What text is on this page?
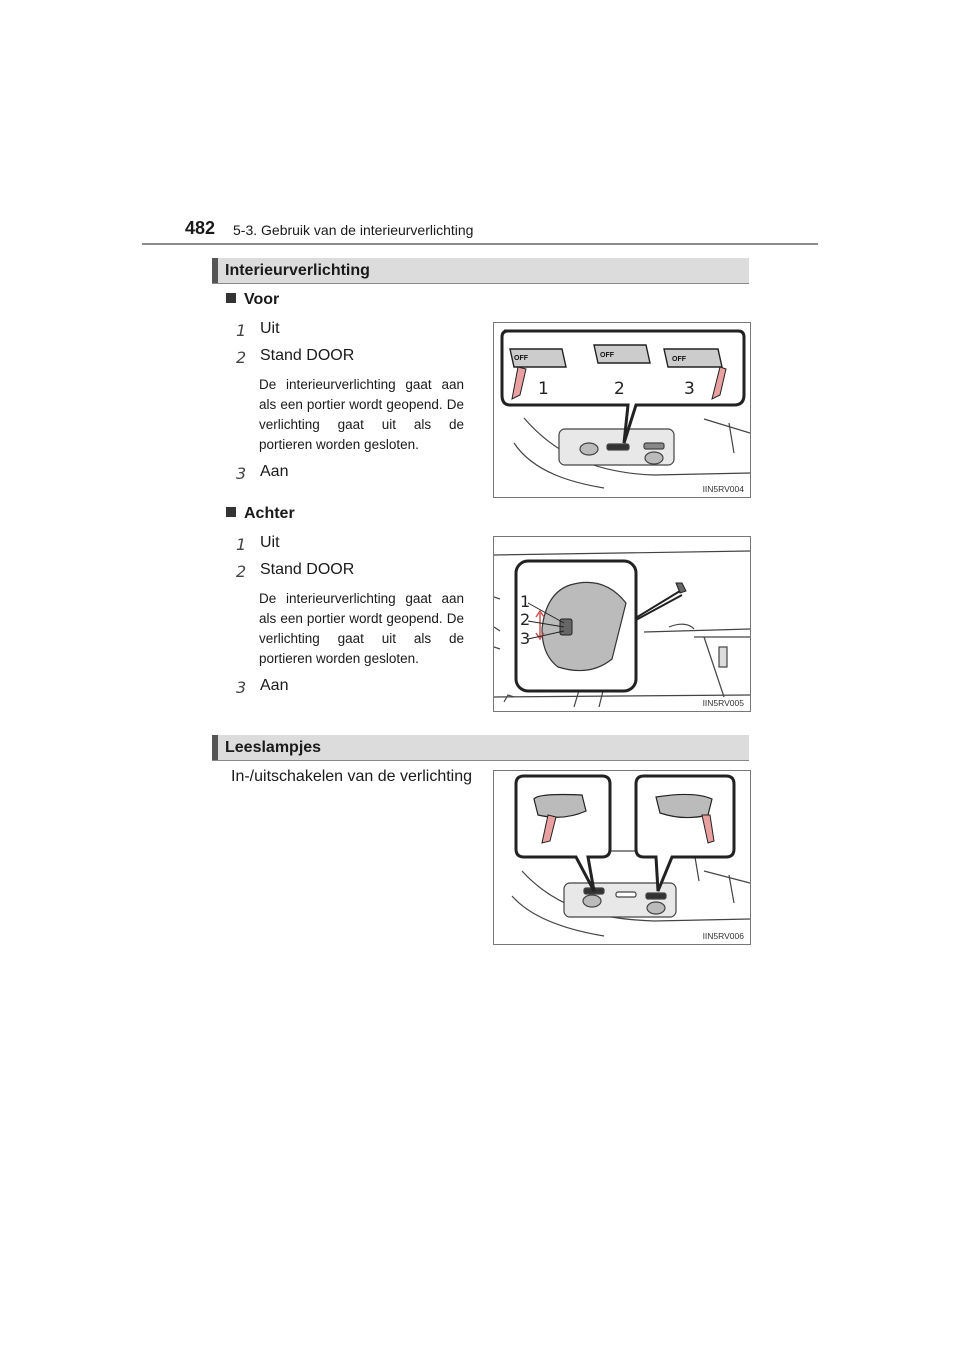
482 5-3. Gebruik van de interieurverlichting
Interieurverlichting
Voor
1 Uit
2 Stand DOOR
De interieurverlichting gaat aan als een portier wordt geopend. De verlichting gaat uit als de portieren worden gesloten.
3 Aan
OFF	OFF
OFF
1	2	3
IIN5RV004
Achter
1 Uit
2 Stand DOOR
De interieurverlichting gaat aan als een portier wordt geopend. De verlichting gaat uit als de portieren worden gesloten.
3 Aan
1
2
3
IIN5RV005
Leeslampjes
In-/uitschakelen van de verlichting
IIN5RV006
